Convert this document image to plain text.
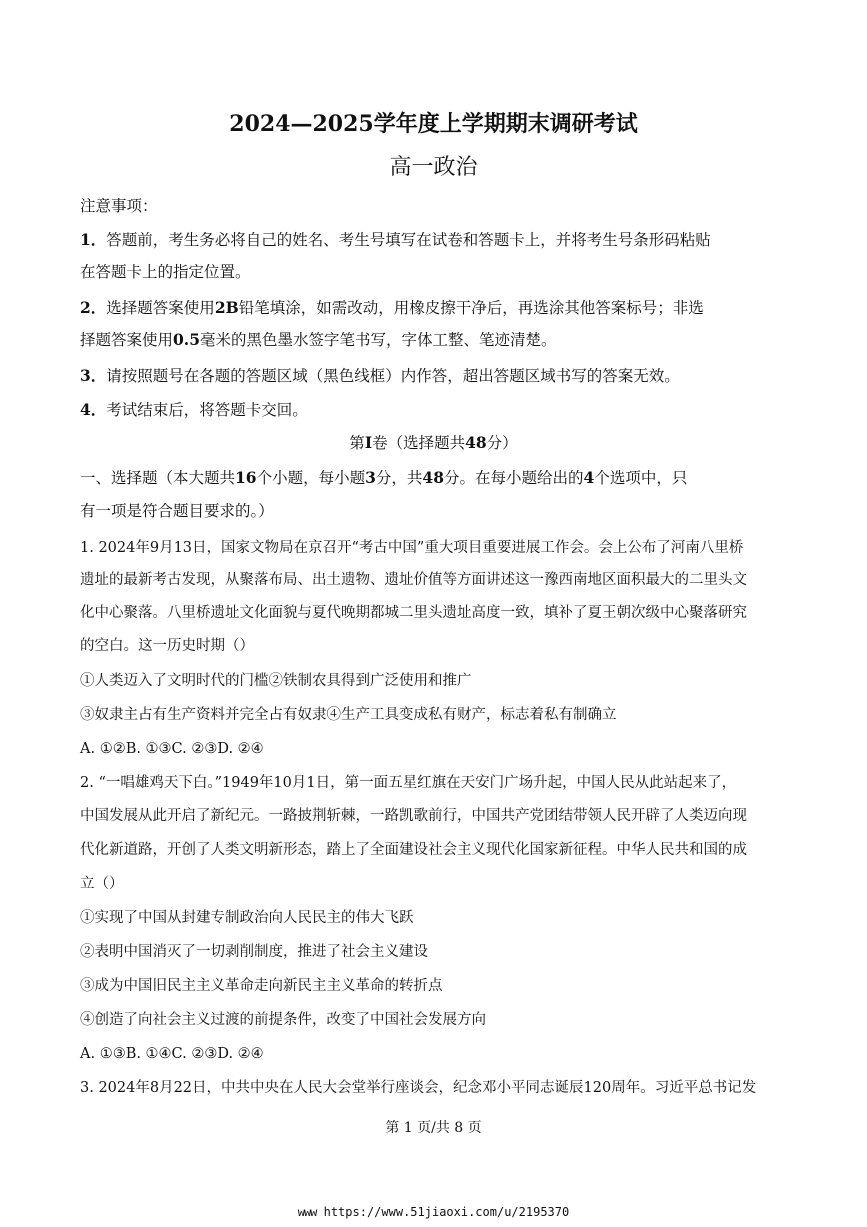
2024—2025学年度上学期期末调研考试
高一政治
注意事项：
1．答题前，考生务必将自己的姓名、考生号填写在试卷和答题卡上，并将考生号条形码粘贴
在答题卡上的指定位置。
2．选择题答案使用2B铅笔填涂，如需改动，用橡皮擦干净后，再选涂其他答案标号；非选
择题答案使用0.5毫米的黑色墨水签字笔书写，字体工整、笔迹清楚。
3．请按照题号在各题的答题区域（黑色线框）内作答，超出答题区域书写的答案无效。
4．考试结束后，将答题卡交回。
第I卷（选择题共48分）
一、选择题（本大题共16个小题，每小题3分，共48分。在每小题给出的4个选项中，只
有一项是符合题目要求的。）
1. 2024年9月13日，国家文物局在京召开“考古中国”重大项目重要进展工作会。会上公布了河南八里桥
遗址的最新考古发现，从聚落布局、出土遗物、遗址价值等方面讲述这一豫西南地区面积最大的二里头文
化中心聚落。八里桥遗址文化面貌与夏代晚期都城二里头遗址高度一致，填补了夏王朝次级中心聚落研究
的空白。这一历史时期（）
①人类迈入了文明时代的门槛②铁制农具得到广泛使用和推广
③奴隶主占有生产资料并完全占有奴隶④生产工具变成私有财产，标志着私有制确立
A. ①②B. ①③C. ②③D. ②④
2. “一唱雄鸡天下白。”1949年10月1日，第一面五星红旗在天安门广场升起，中国人民从此站起来了，
中国发展从此开启了新纪元。一路披荆斩棘，一路凯歌前行，中国共产党团结带领人民开辟了人类迈向现
代化新道路，开创了人类文明新形态，踏上了全面建设社会主义现代化国家新征程。中华人民共和国的成
立（）
①实现了中国从封建专制政治向人民民主的伟大飞跃
②表明中国消灭了一切剥削制度，推进了社会主义建设
③成为中国旧民主主义革命走向新民主主义革命的转折点
④创造了向社会主义过渡的前提条件，改变了中国社会发展方向
A. ①③B. ①④C. ②③D. ②④
3. 2024年8月22日，中共中央在人民大会堂举行座谈会，纪念邓小平同志诞辰120周年。习近平总书记发
第 1 页/共 8 页
ᴡᴡᴡ https://www.51jiaoxi.com/u/2195370
